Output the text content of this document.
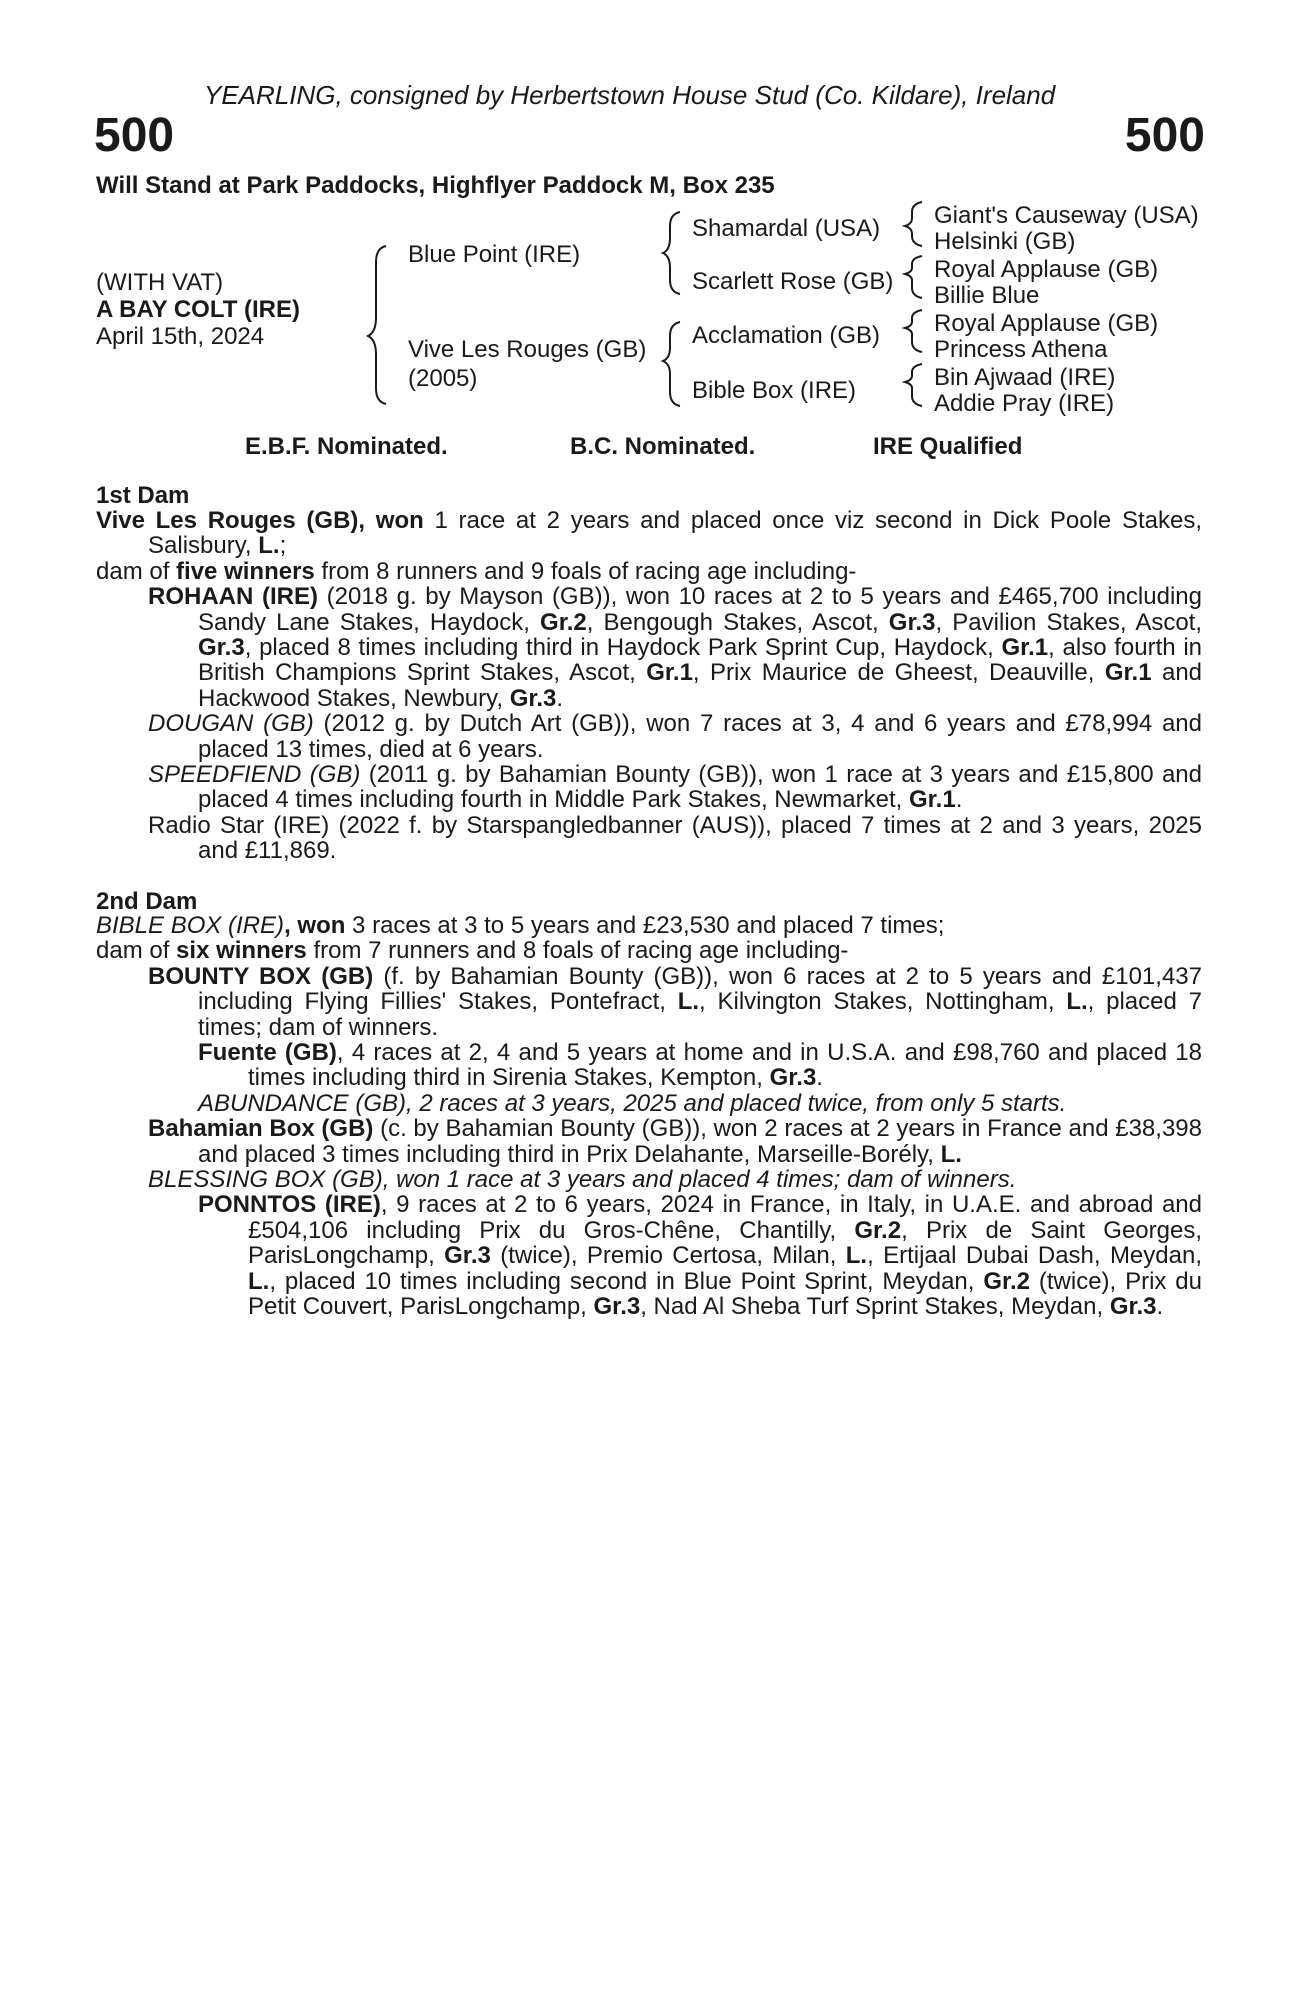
YEARLING, consigned by Herbertstown House Stud (Co. Kildare), Ireland
500	500
Will Stand at Park Paddocks, Highflyer Paddock M, Box 235
(WITH VAT)
A BAY COLT (IRE)
April 15th, 2024
Blue Point (IRE)
Vive Les Rouges (GB)
(2005)
Shamardal (USA)
Scarlett Rose (GB)
Acclamation (GB)
Bible Box (IRE)
Giant's Causeway (USA)
Helsinki (GB)
Royal Applause (GB)
Billie Blue
Royal Applause (GB)
Princess Athena
Bin Ajwaad (IRE)
Addie Pray (IRE)
E.B.F. Nominated.	B.C. Nominated.	IRE Qualified
1st Dam

Vive Les Rouges (GB), won 1 race at 2 years and placed once viz second in Dick Poole Stakes, Salisbury, L.;

dam of five winners from 8 runners and 9 foals of racing age including-

ROHAAN (IRE) (2018 g. by Mayson (GB)), won 10 races at 2 to 5 years and £465,700 including Sandy Lane Stakes, Haydock, Gr.2, Bengough Stakes, Ascot, Gr.3, Pavilion Stakes, Ascot, Gr.3, placed 8 times including third in Haydock Park Sprint Cup, Haydock, Gr.1, also fourth in British Champions Sprint Stakes, Ascot, Gr.1, Prix Maurice de Gheest, Deauville, Gr.1 and Hackwood Stakes, Newbury, Gr.3.

DOUGAN (GB) (2012 g. by Dutch Art (GB)), won 7 races at 3, 4 and 6 years and £78,994 and placed 13 times, died at 6 years.

SPEEDFIEND (GB) (2011 g. by Bahamian Bounty (GB)), won 1 race at 3 years and £15,800 and placed 4 times including fourth in Middle Park Stakes, Newmarket, Gr.1.

Radio Star (IRE) (2022 f. by Starspangledbanner (AUS)), placed 7 times at 2 and 3 years, 2025 and £11,869.

2nd Dam

BIBLE BOX (IRE), won 3 races at 3 to 5 years and £23,530 and placed 7 times;

dam of six winners from 7 runners and 8 foals of racing age including-

BOUNTY BOX (GB) (f. by Bahamian Bounty (GB)), won 6 races at 2 to 5 years and £101,437 including Flying Fillies' Stakes, Pontefract, L., Kilvington Stakes, Nottingham, L., placed 7 times; dam of winners.

Fuente (GB), 4 races at 2, 4 and 5 years at home and in U.S.A. and £98,760 and placed 18 times including third in Sirenia Stakes, Kempton, Gr.3.

ABUNDANCE (GB), 2 races at 3 years, 2025 and placed twice, from only 5 starts.

Bahamian Box (GB) (c. by Bahamian Bounty (GB)), won 2 races at 2 years in France and £38,398 and placed 3 times including third in Prix Delahante, Marseille-Borély, L.

BLESSING BOX (GB), won 1 race at 3 years and placed 4 times; dam of winners.

PONNTOS (IRE), 9 races at 2 to 6 years, 2024 in France, in Italy, in U.A.E. and abroad and £504,106 including Prix du Gros-Chêne, Chantilly, Gr.2, Prix de Saint Georges, ParisLongchamp, Gr.3 (twice), Premio Certosa, Milan, L., Ertijaal Dubai Dash, Meydan, L., placed 10 times including second in Blue Point Sprint, Meydan, Gr.2 (twice), Prix du Petit Couvert, ParisLongchamp, Gr.3, Nad Al Sheba Turf Sprint Stakes, Meydan, Gr.3.
